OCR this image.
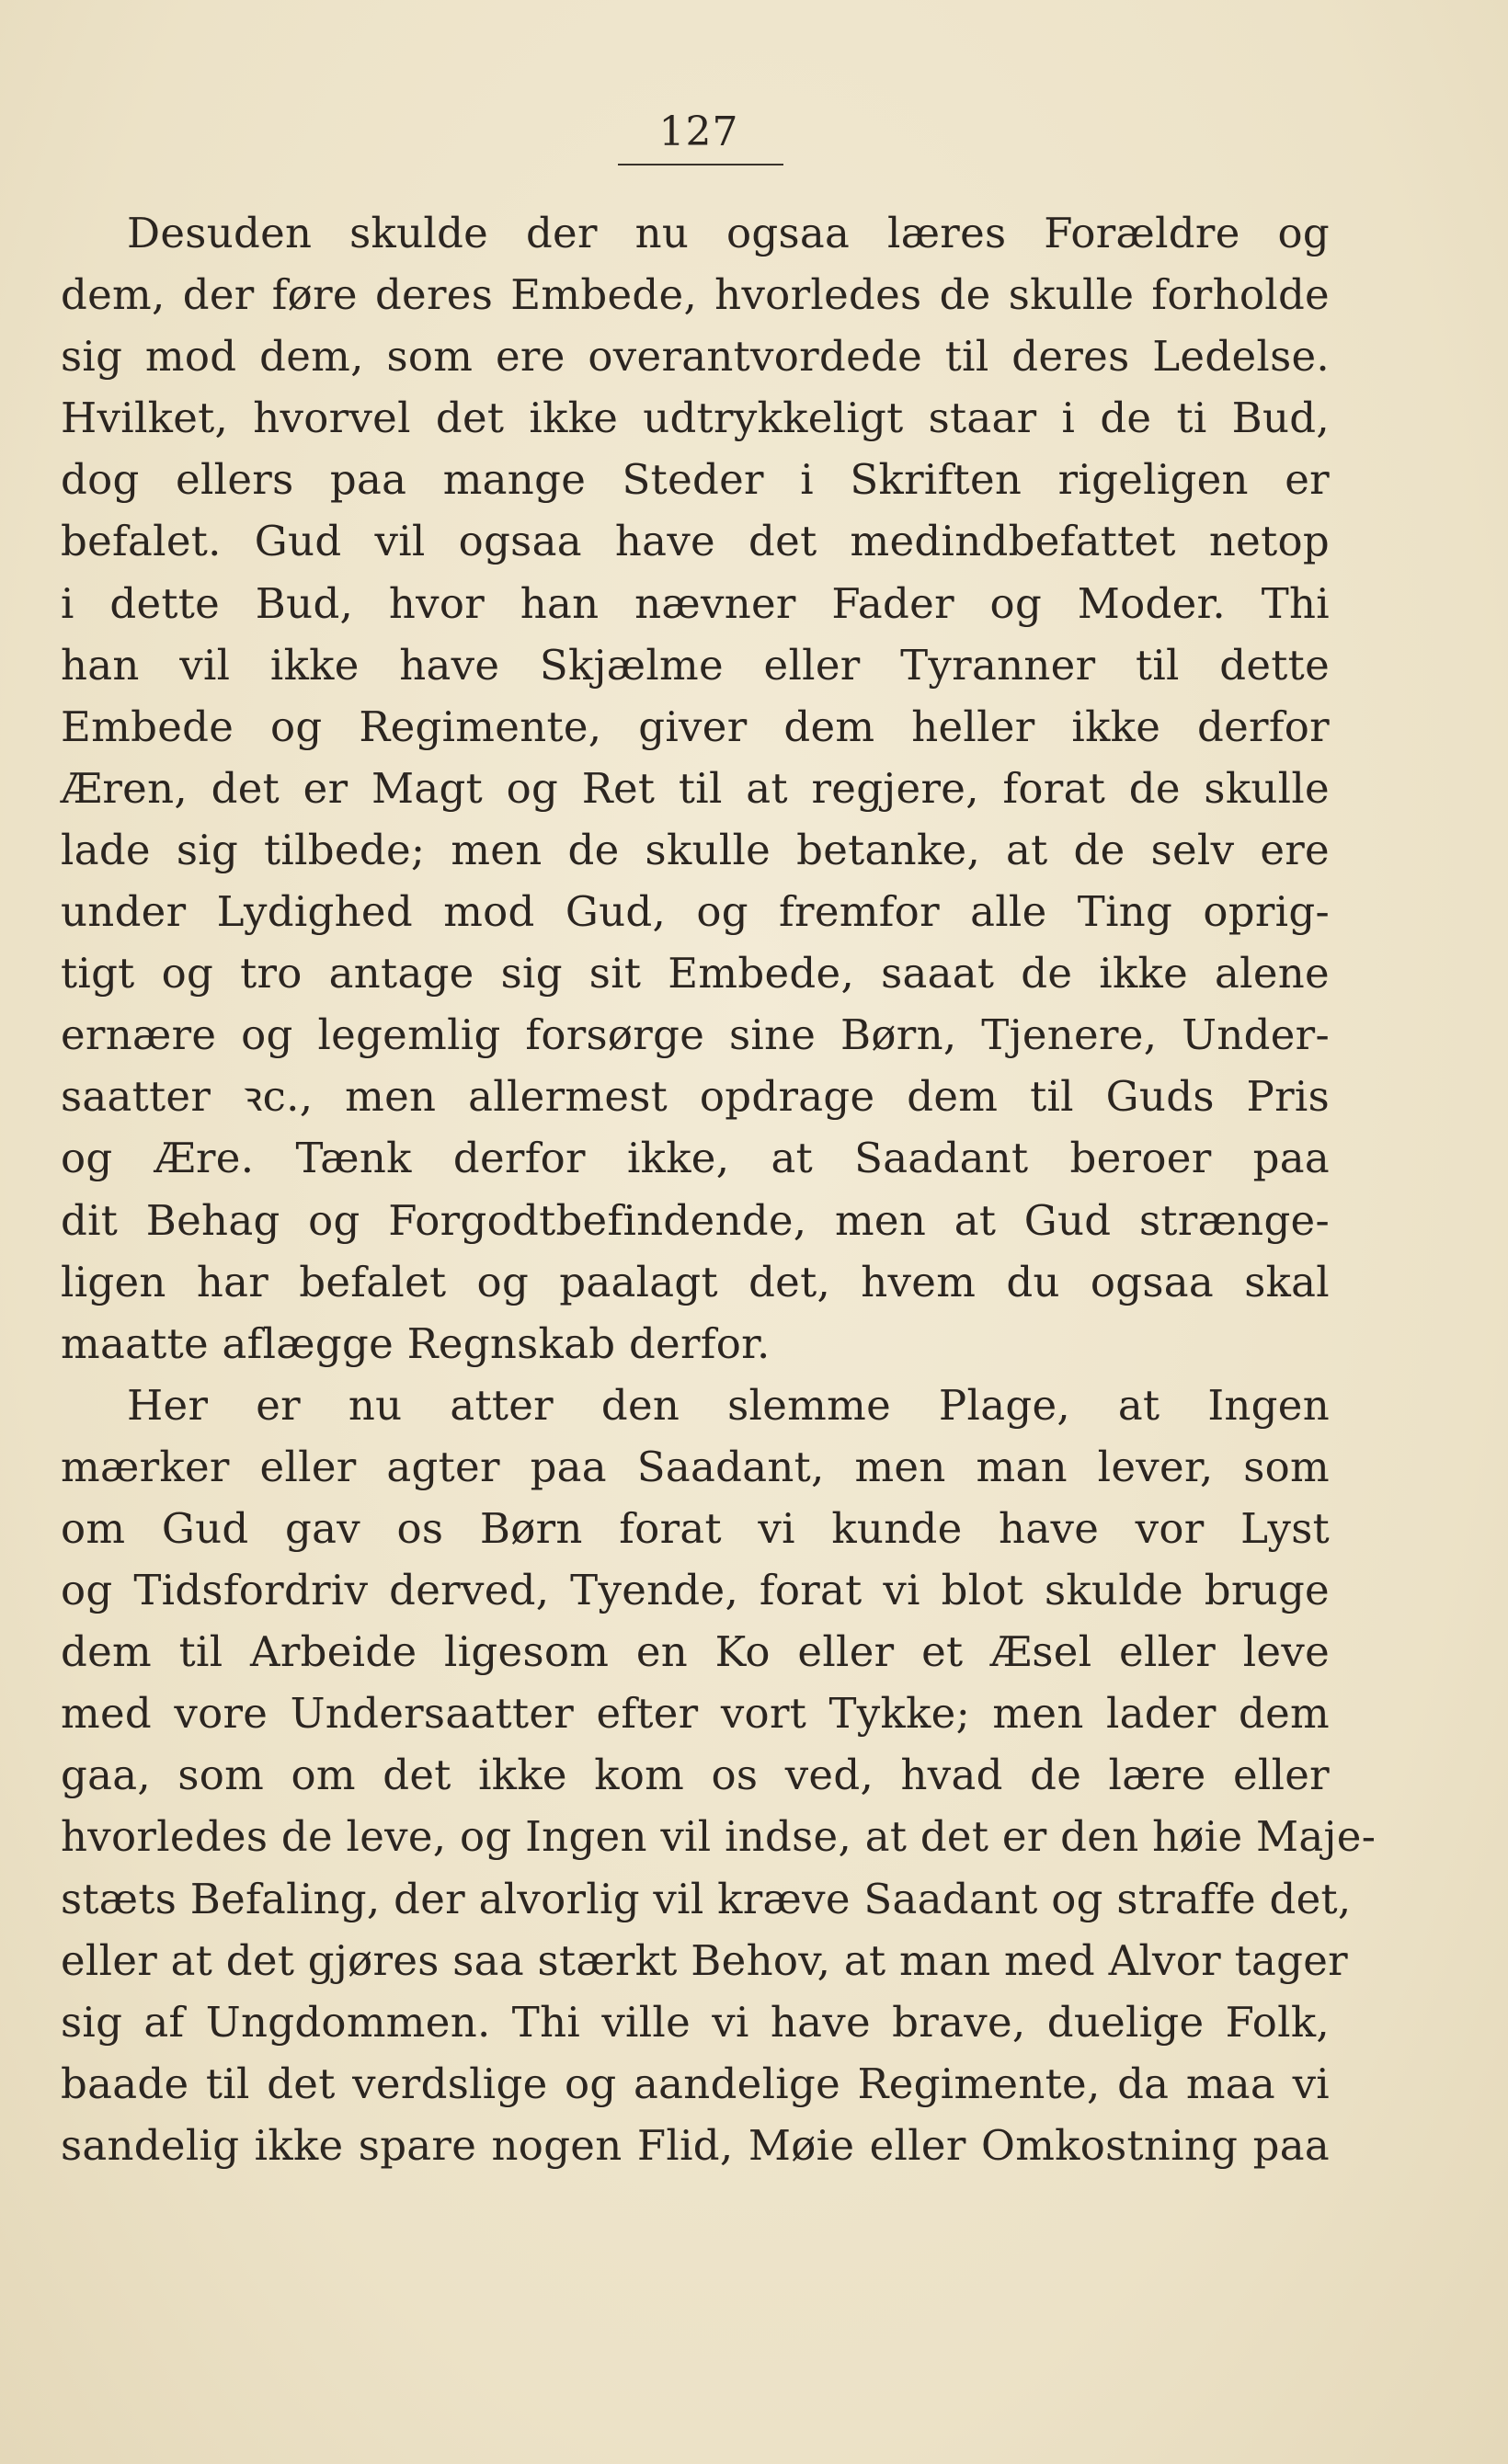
127
Desuden skulde der nu ogsaa læres Forældre og
dem, der føre deres Embede, hvorledes de skulle forholde
sig mod dem, som ere overantvordede til deres Ledelse.
Hvilket, hvorvel det ikke udtrykkeligt staar i de ti Bud,
dog ellers paa mange Steder i Skriften rigeligen er
befalet. Gud vil ogsaa have det medindbefattet netop
i dette Bud, hvor han nævner Fader og Moder. Thi
han vil ikke have Skjælme eller Tyranner til dette
Embede og Regimente, giver dem heller ikke derfor
Æren, det er Magt og Ret til at regjere, forat de skulle
lade sig tilbede; men de skulle betanke, at de selv ere
under Lydighed mod Gud, og fremfor alle Ting oprig-
tigt og tro antage sig sit Embede, saaat de ikke alene
ernære og legemlig forsørge sine Børn, Tjenere, Under-
saatter ꝛc., men allermest opdrage dem til Guds Pris
og Ære. Tænk derfor ikke, at Saadant beroer paa
dit Behag og Forgodtbefindende, men at Gud strænge-
ligen har befalet og paalagt det, hvem du ogsaa skal
maatte aflægge Regnskab derfor.
Her er nu atter den slemme Plage, at Ingen
mærker eller agter paa Saadant, men man lever, som
om Gud gav os Børn forat vi kunde have vor Lyst
og Tidsfordriv derved, Tyende, forat vi blot skulde bruge
dem til Arbeide ligesom en Ko eller et Æsel eller leve
med vore Undersaatter efter vort Tykke; men lader dem
gaa, som om det ikke kom os ved, hvad de lære eller
hvorledes de leve, og Ingen vil indse, at det er den høie Maje-
stæts Befaling, der alvorlig vil kræve Saadant og straffe det,
eller at det gjøres saa stærkt Behov, at man med Alvor tager
sig af Ungdommen. Thi ville vi have brave, duelige Folk,
baade til det verdslige og aandelige Regimente, da maa vi
sandelig ikke spare nogen Flid, Møie eller Omkostning paa
